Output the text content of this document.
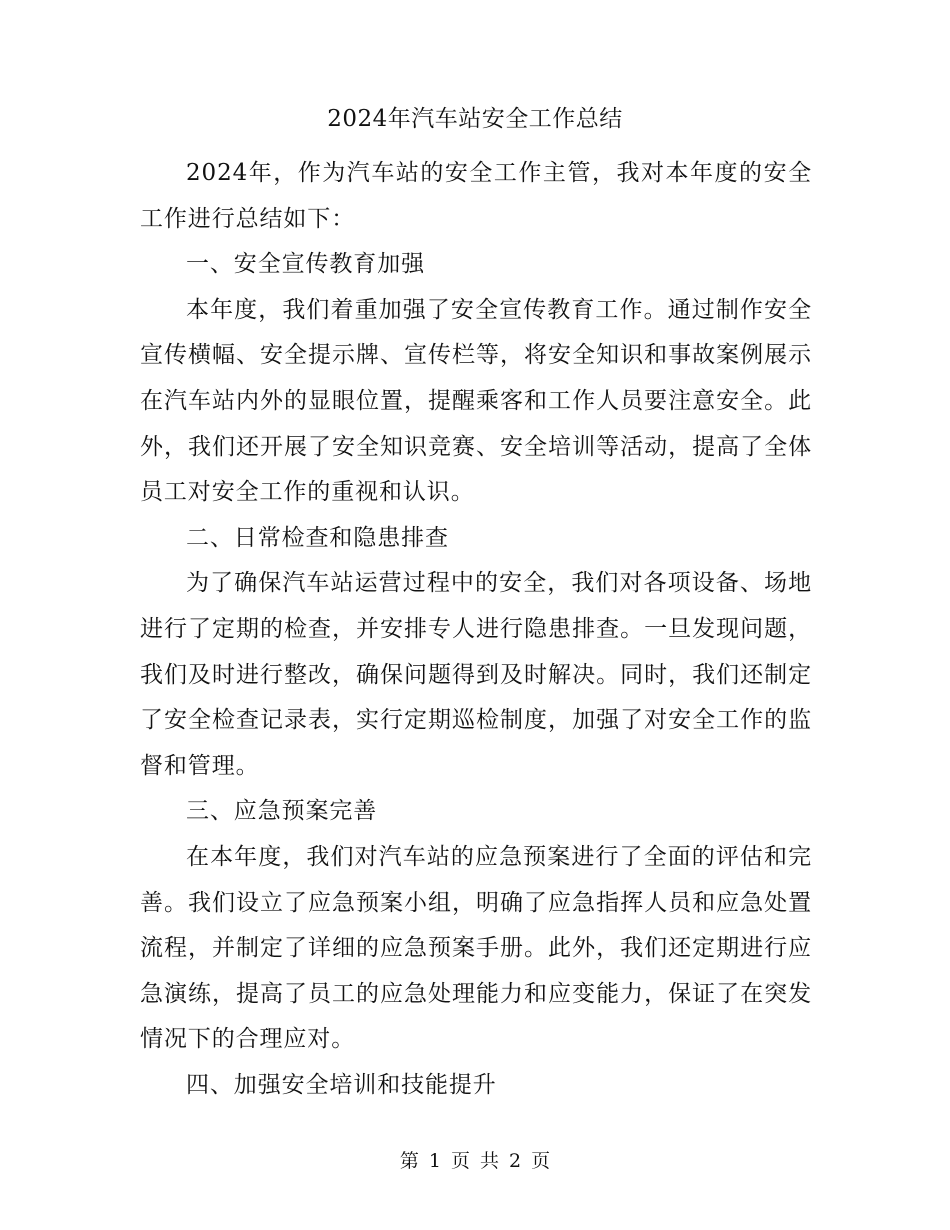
2024年汽车站安全工作总结

2024年，作为汽车站的安全工作主管，我对本年度的安全工作进行总结如下：

一、安全宣传教育加强

本年度，我们着重加强了安全宣传教育工作。通过制作安全宣传横幅、安全提示牌、宣传栏等，将安全知识和事故案例展示在汽车站内外的显眼位置，提醒乘客和工作人员要注意安全。此外，我们还开展了安全知识竞赛、安全培训等活动，提高了全体员工对安全工作的重视和认识。

二、日常检查和隐患排查

为了确保汽车站运营过程中的安全，我们对各项设备、场地进行了定期的检查，并安排专人进行隐患排查。一旦发现问题，我们及时进行整改，确保问题得到及时解决。同时，我们还制定了安全检查记录表，实行定期巡检制度，加强了对安全工作的监督和管理。

三、应急预案完善

在本年度，我们对汽车站的应急预案进行了全面的评估和完善。我们设立了应急预案小组，明确了应急指挥人员和应急处置流程，并制定了详细的应急预案手册。此外，我们还定期进行应急演练，提高了员工的应急处理能力和应变能力，保证了在突发情况下的合理应对。

四、加强安全培训和技能提升

第 1 页 共 2 页
